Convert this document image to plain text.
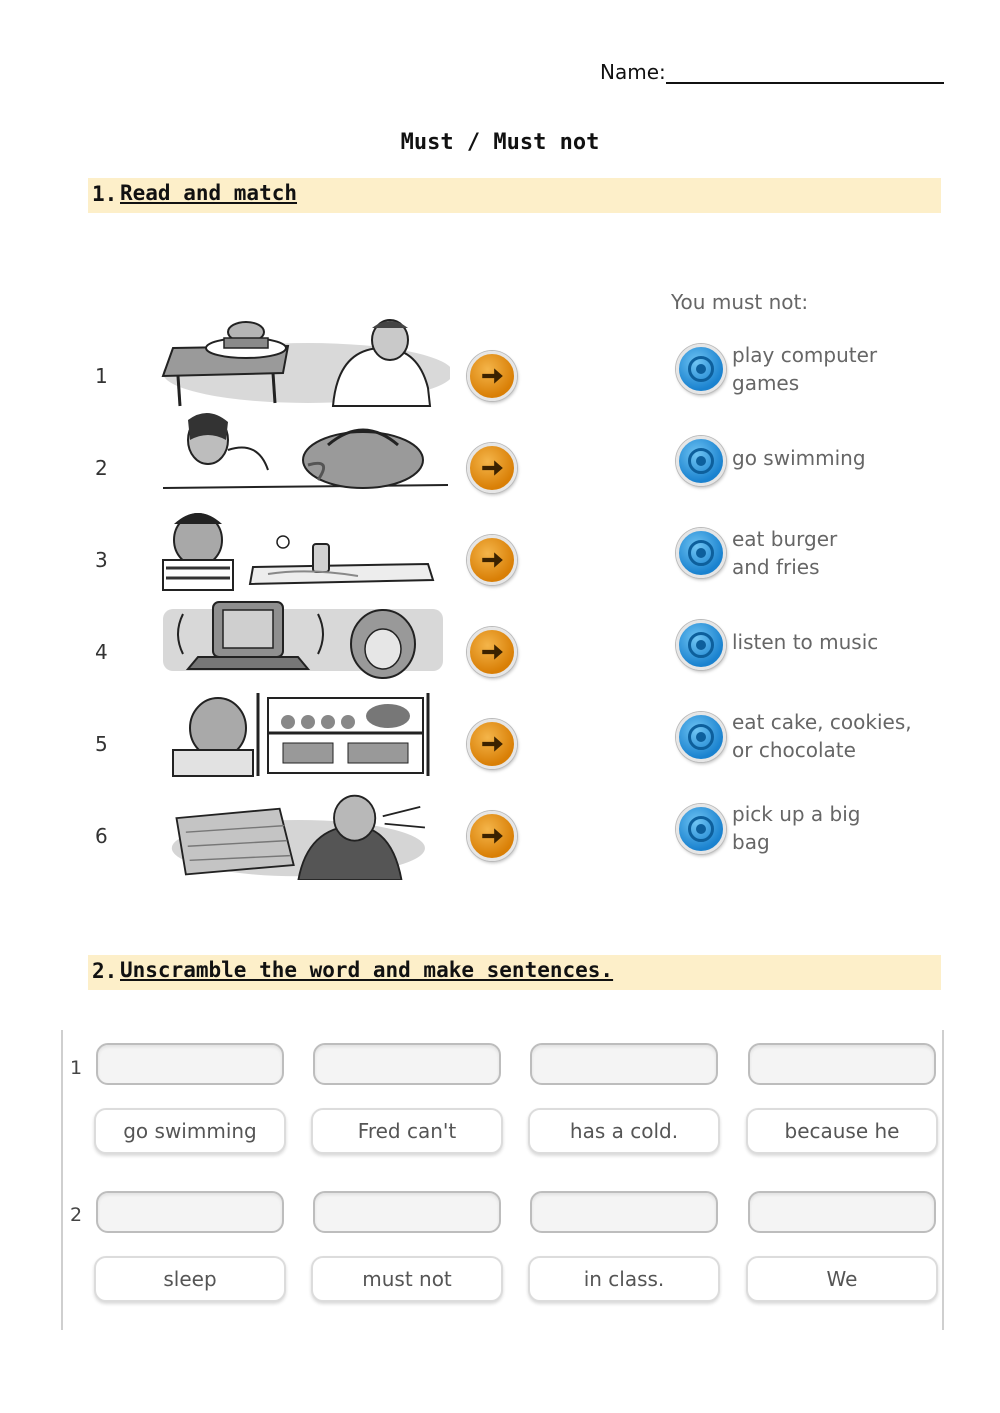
Name:
Must / Must not
1. Read and match
You must not:
1
2
3
4
5
6
play computer
games
go swimming
eat burger
and fries
listen to music
eat cake, cookies,
or chocolate
pick up a big
bag
2. Unscramble the word and make sentences.
1
go swimming	Fred can't	has a cold.	because he
2
sleep	must not	in class.	We
